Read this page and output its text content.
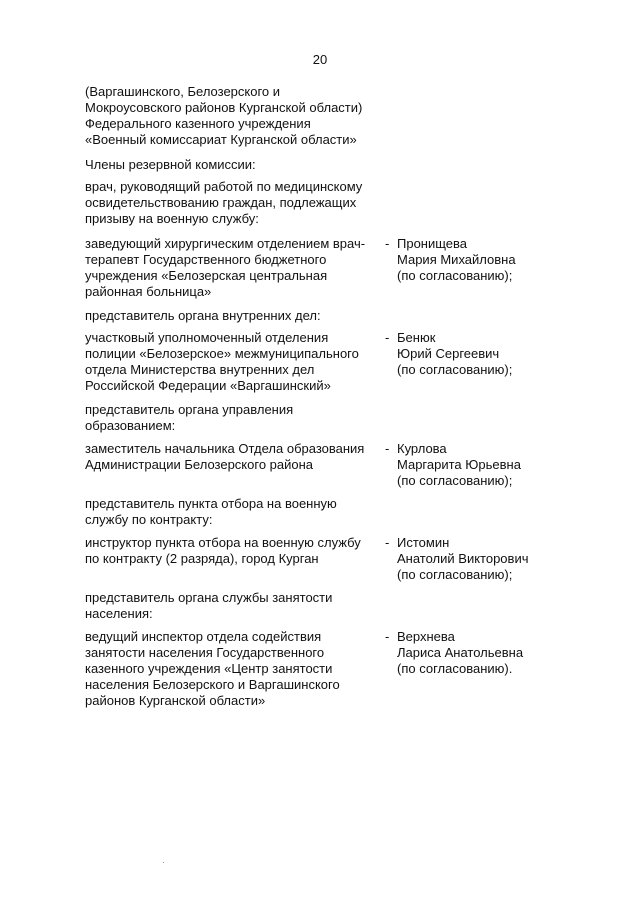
20
(Варгашинского, Белозерского и
Мокроусовского районов Курганской области)
Федерального казенного учреждения
«Военный комиссариат Курганской области»
Члены резервной комиссии:
врач, руководящий работой по медицинскому
освидетельствованию граждан, подлежащих
призыву на военную службу:
заведующий хирургическим отделением врач-
терапевт Государственного бюджетного
учреждения «Белозерская центральная
районная больница»
- Пронищева
Мария Михайловна
(по согласованию);
представитель органа внутренних дел:
участковый уполномоченный отделения
полиции «Белозерское» межмуниципального
отдела Министерства внутренних дел
Российской Федерации «Варгашинский»
- Бенюк
Юрий Сергеевич
(по согласованию);
представитель органа управления
образованием:
заместитель начальника Отдела образования
Администрации Белозерского района
- Курлова
Маргарита Юрьевна
(по согласованию);
представитель пункта отбора на военную
службу по контракту:
инструктор пункта отбора на военную службу
по контракту (2 разряда), город Курган
- Истомин
Анатолий Викторович
(по согласованию);
представитель органа службы занятости
населения:
ведущий инспектор отдела содействия
занятости населения Государственного
казенного учреждения «Центр занятости
населения Белозерского и Варгашинского
районов Курганской области»
- Верхнева
Лариса Анатольевна
(по согласованию).
